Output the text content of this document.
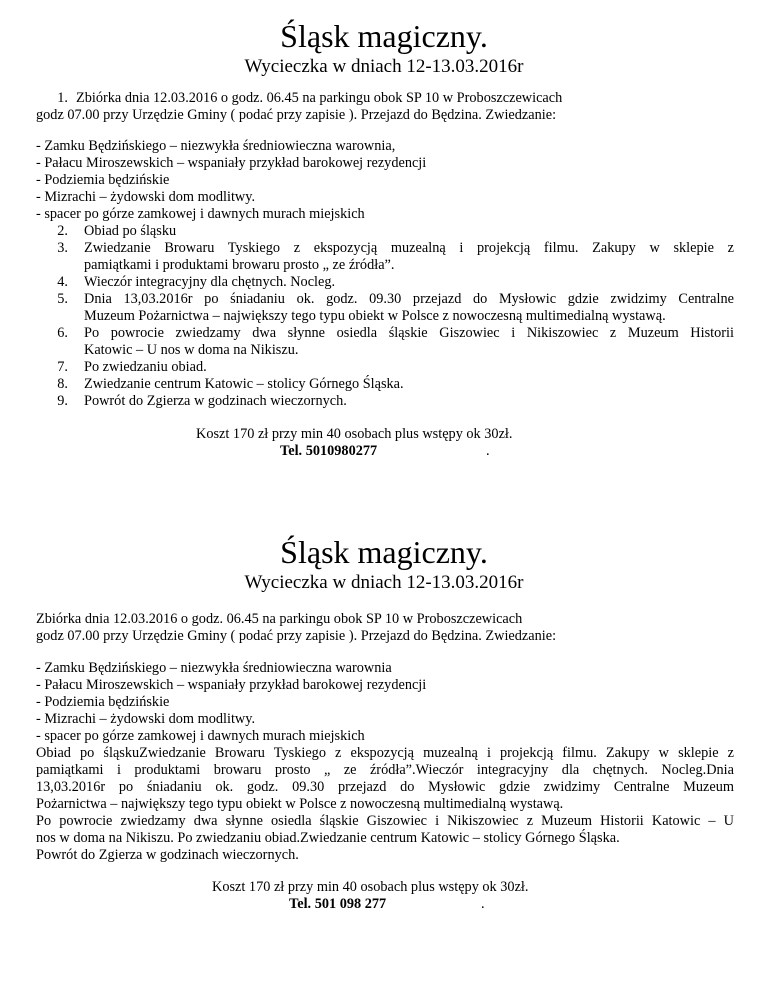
Śląsk magiczny.
Wycieczka w dniach 12-13.03.2016r
1. Zbiórka dnia 12.03.2016 o godz. 06.45 na parkingu obok SP 10 w Proboszczewicach
godz 07.00 przy Urzędzie Gminy ( podać przy zapisie ). Przejazd do Będzina. Zwiedzanie:
- Zamku Będzińskiego – niezwykła średniowieczna warownia,
- Pałacu Miroszewskich – wspaniały przykład barokowej rezydencji
- Podziemia będzińskie
- Mizrachi – żydowski dom modlitwy.
- spacer po górze zamkowej i dawnych murach miejskich
2. Obiad po śląsku
3. Zwiedzanie Browaru Tyskiego z ekspozycją muzealną i projekcją filmu. Zakupy w sklepie z
pamiątkami i produktami browaru prosto „ ze źródła”.
4. Wieczór integracyjny dla chętnych. Nocleg.
5. Dnia 13,03.2016r po śniadaniu ok. godz. 09.30 przejazd do Mysłowic gdzie zwidzimy Centralne
Muzeum Pożarnictwa – największy tego typu obiekt w Polsce z nowoczesną multimedialną wystawą.
6. Po powrocie zwiedzamy dwa słynne osiedla śląskie Giszowiec i Nikiszowiec z Muzeum Historii
Katowic – U nos w doma na Nikiszu.
7. Po zwiedzaniu obiad.
8. Zwiedzanie centrum Katowic – stolicy Górnego Śląska.
9. Powrót do Zgierza w godzinach wieczornych.
Koszt 170 zł przy min 40 osobach plus wstępy ok 30zł.
Tel. 5010980277	.
Śląsk magiczny.
Wycieczka w dniach 12-13.03.2016r
Zbiórka dnia 12.03.2016 o godz. 06.45 na parkingu obok SP 10 w Proboszczewicach
godz 07.00 przy Urzędzie Gminy ( podać przy zapisie ). Przejazd do Będzina. Zwiedzanie:
- Zamku Będzińskiego – niezwykła średniowieczna warownia
- Pałacu Miroszewskich – wspaniały przykład barokowej rezydencji
- Podziemia będzińskie
- Mizrachi – żydowski dom modlitwy.
- spacer po górze zamkowej i dawnych murach miejskich
Obiad po śląskuZwiedzanie Browaru Tyskiego z ekspozycją muzealną i projekcją filmu. Zakupy w sklepie z
pamiątkami i produktami browaru prosto „ ze źródła”.Wieczór integracyjny dla chętnych. Nocleg.Dnia
13,03.2016r po śniadaniu ok. godz. 09.30 przejazd do Mysłowic gdzie zwidzimy Centralne Muzeum
Pożarnictwa – największy tego typu obiekt w Polsce z nowoczesną multimedialną wystawą.
Po powrocie zwiedzamy dwa słynne osiedla śląskie Giszowiec i Nikiszowiec z Muzeum Historii Katowic – U
nos w doma na Nikiszu. Po zwiedzaniu obiad.Zwiedzanie centrum Katowic – stolicy Górnego Śląska.
Powrót do Zgierza w godzinach wieczornych.
Koszt 170 zł przy min 40 osobach plus wstępy ok 30zł.
Tel. 501 098 277	.
